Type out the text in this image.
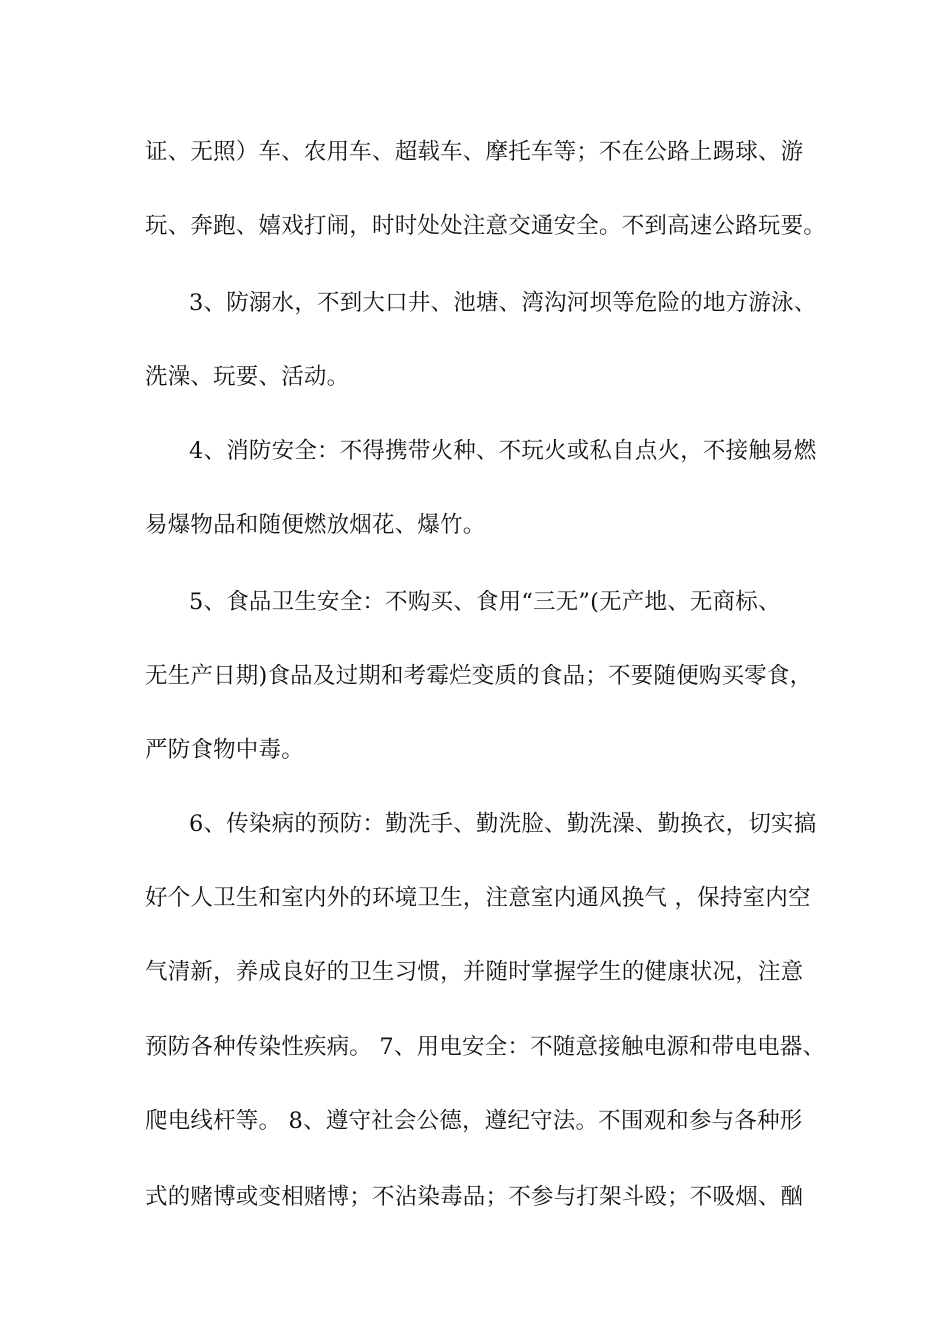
证、无照）车、农用车、超载车、摩托车等；不在公路上踢球、游
玩、奔跑、嬉戏打闹，时时处处注意交通安全。不到高速公路玩要。
3、防溺水，不到大口井、池塘、湾沟河坝等危险的地方游泳、
洗澡、玩要、活动。
4、消防安全：不得携带火种、不玩火或私自点火，不接触易燃
易爆物品和随便燃放烟花、爆竹。
5、食品卫生安全：不购买、食用“三无”(无产地、无商标、
无生产日期)食品及过期和考霉烂变质的食品；不要随便购买零食，
严防食物中毒。
6、传染病的预防：勤洗手、勤洗脸、勤洗澡、勤换衣，切实搞
好个人卫生和室内外的环境卫生，注意室内通风换气 ，保持室内空
气清新，养成良好的卫生习惯，并随时掌握学生的健康状况，注意
预防各种传染性疾病。 7、用电安全：不随意接触电源和带电电器、
爬电线杆等。 8、遵守社会公德，遵纪守法。不围观和参与各种形
式的赌博或变相赌博；不沾染毒品；不参与打架斗殴；不吸烟、酗
